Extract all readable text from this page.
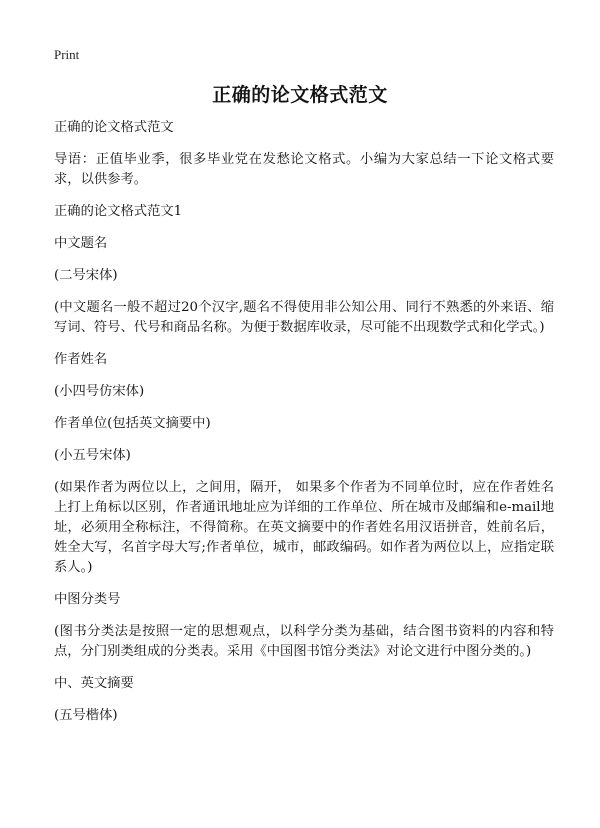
Print
正确的论文格式范文

正确的论文格式范文

导语：正值毕业季，很多毕业党在发愁论文格式。小编为大家总结一下论文格式要求，以供参考。

正确的论文格式范文1

中文题名

(二号宋体)

(中文题名一般不超过20个汉字,题名不得使用非公知公用、同行不熟悉的外来语、缩写词、符号、代号和商品名称。为便于数据库收录，尽可能不出现数学式和化学式。)

作者姓名

(小四号仿宋体)

作者单位(包括英文摘要中)

(小五号宋体)

(如果作者为两位以上，之间用，隔开， 如果多个作者为不同单位时，应在作者姓名上打上角标以区别，作者通讯地址应为详细的工作单位、所在城市及邮编和e-mail地址，必须用全称标注，不得简称。在英文摘要中的作者姓名用汉语拼音，姓前名后，姓全大写，名首字母大写;作者单位，城市，邮政编码。如作者为两位以上，应指定联系人。)

中图分类号

(图书分类法是按照一定的思想观点，以科学分类为基础，结合图书资料的内容和特点，分门别类组成的分类表。采用《中国图书馆分类法》对论文进行中图分类的。)

中、英文摘要

(五号楷体)
